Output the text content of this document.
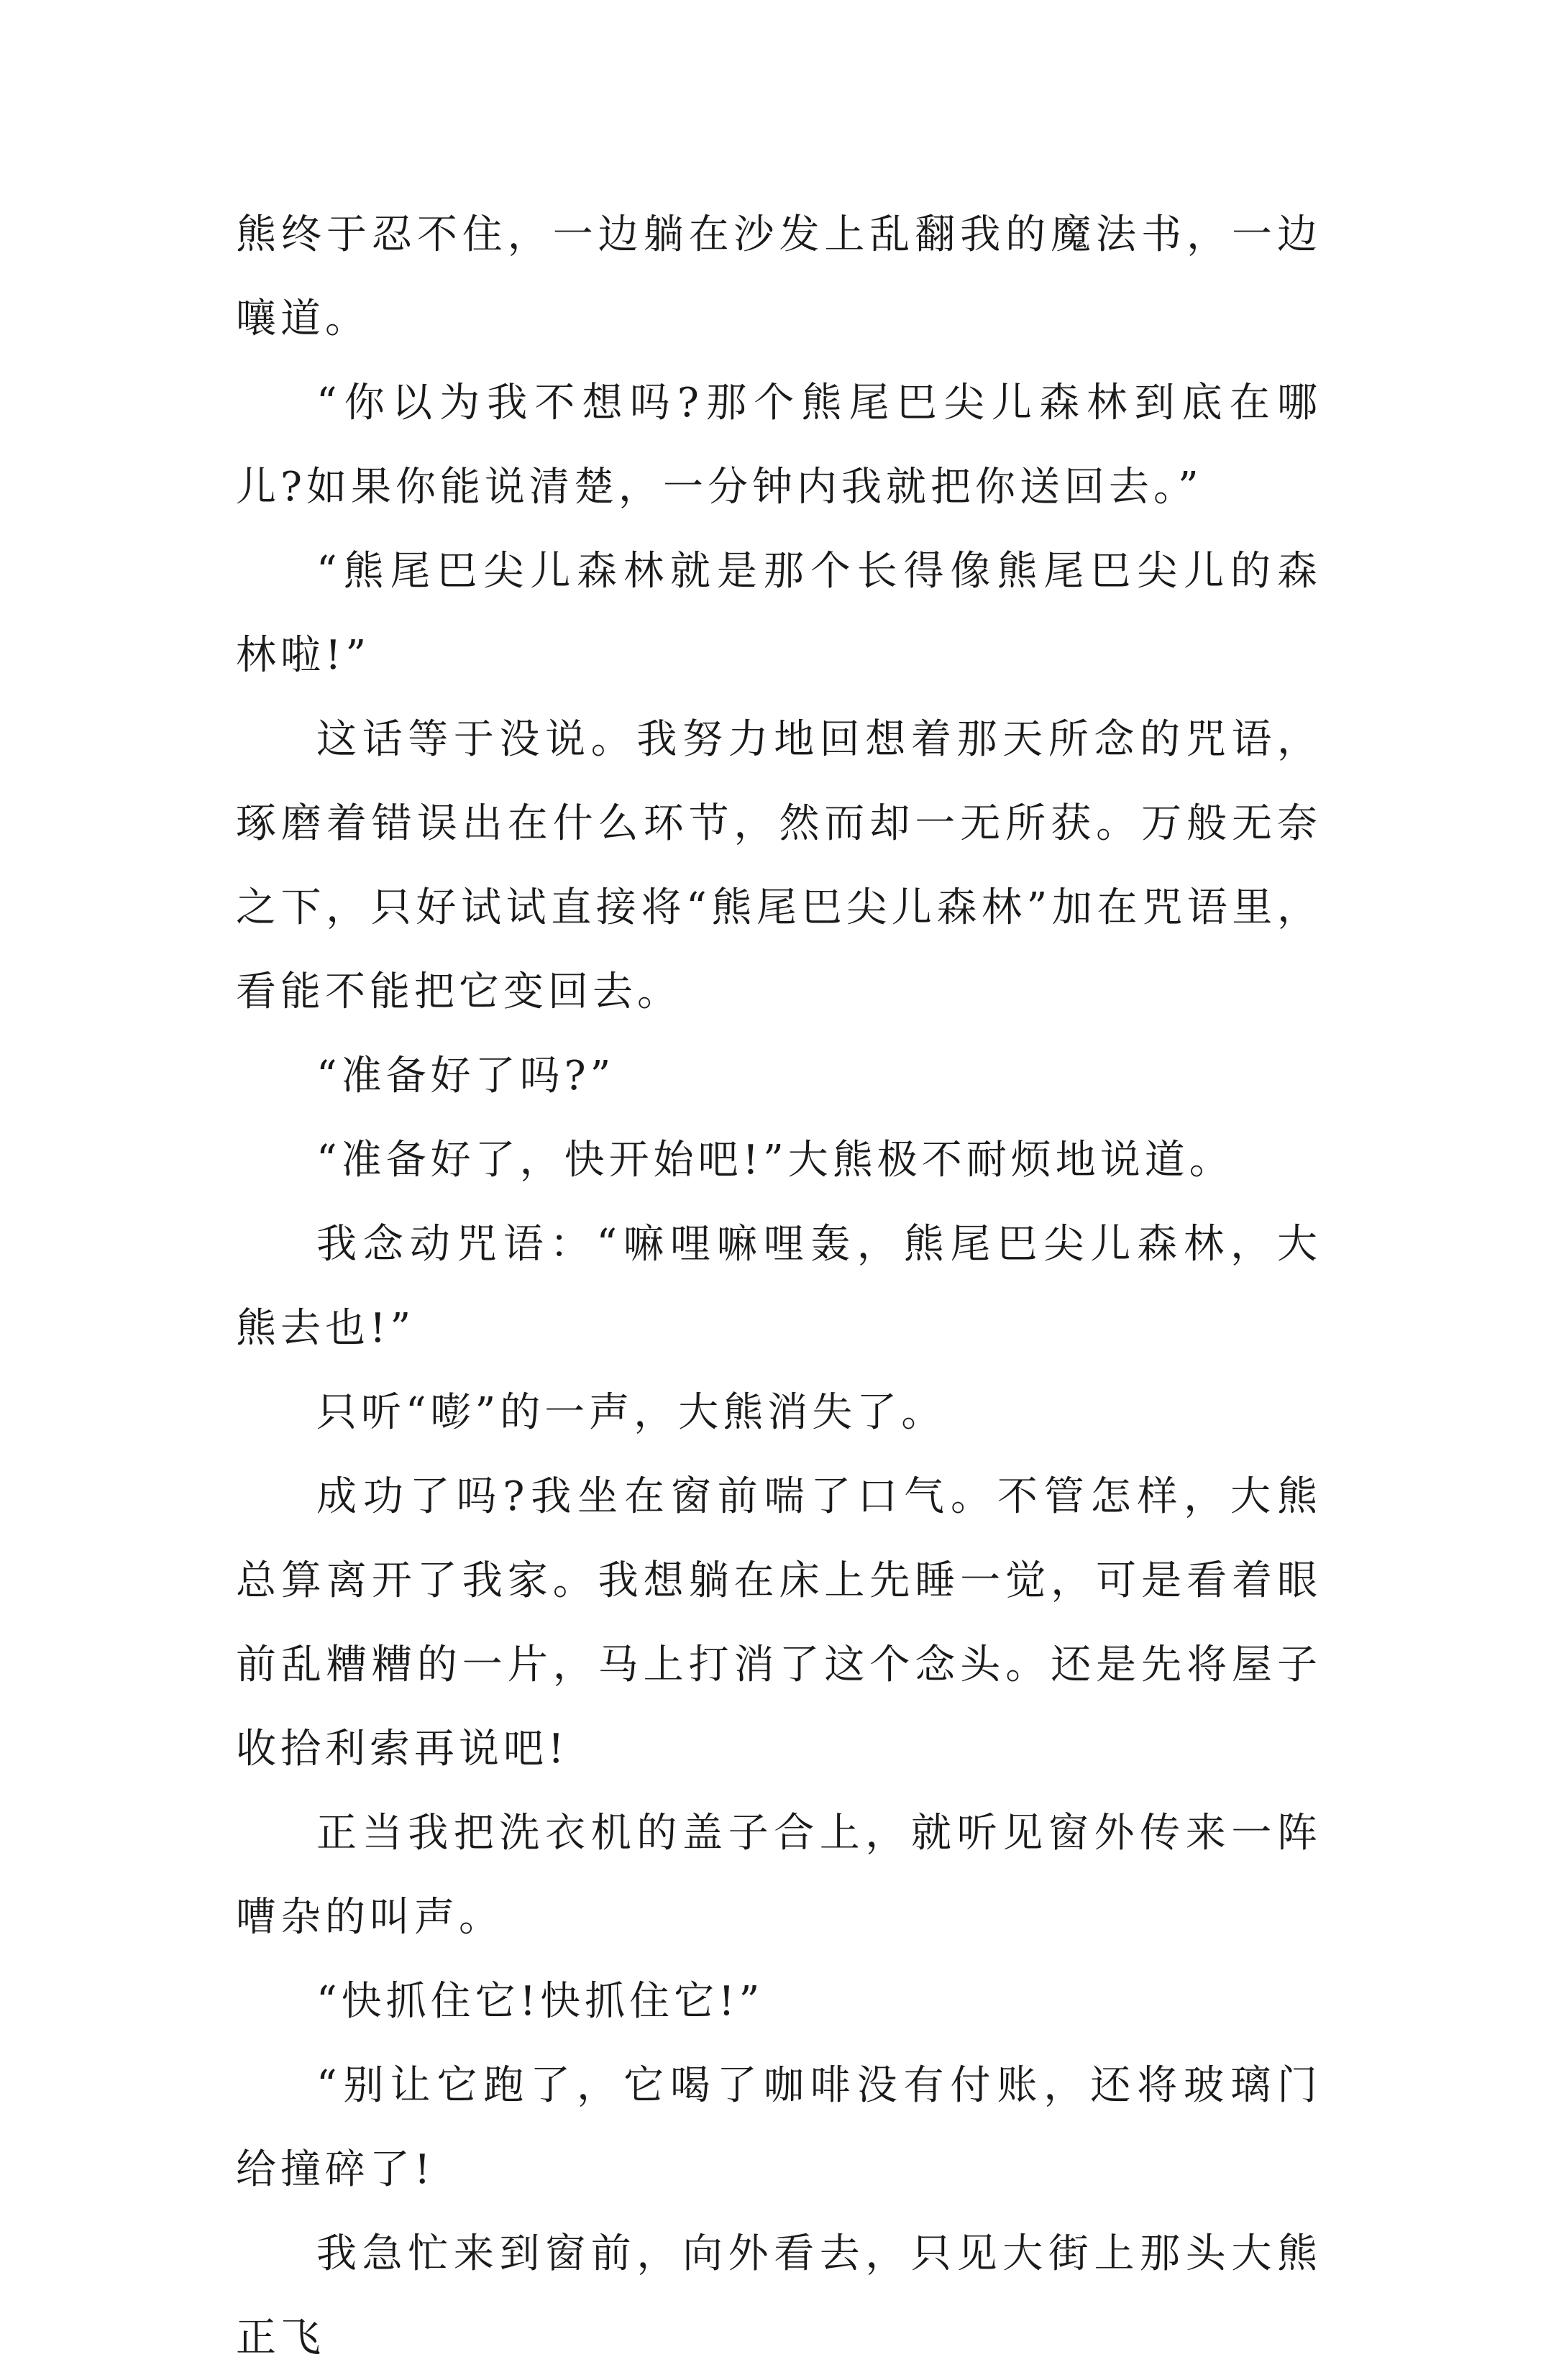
熊终于忍不住，一边躺在沙发上乱翻我的魔法书，一边嚷道。

“你以为我不想吗?那个熊尾巴尖儿森林到底在哪儿?如果你能说清楚，一分钟内我就把你送回去。”

“熊尾巴尖儿森林就是那个长得像熊尾巴尖儿的森林啦!”

这话等于没说。我努力地回想着那天所念的咒语，琢磨着错误出在什么环节，然而却一无所获。万般无奈之下，只好试试直接将“熊尾巴尖儿森林”加在咒语里，看能不能把它变回去。

“准备好了吗?”

“准备好了，快开始吧!”大熊极不耐烦地说道。

我念动咒语：“嘛哩嘛哩轰，熊尾巴尖儿森林，大熊去也!”

只听“嘭”的一声，大熊消失了。

成功了吗?我坐在窗前喘了口气。不管怎样，大熊总算离开了我家。我想躺在床上先睡一觉，可是看着眼前乱糟糟的一片，马上打消了这个念头。还是先将屋子收拾利索再说吧!

正当我把洗衣机的盖子合上，就听见窗外传来一阵嘈杂的叫声。

“快抓住它!快抓住它!”

“别让它跑了，它喝了咖啡没有付账，还将玻璃门给撞碎了!

我急忙来到窗前，向外看去，只见大街上那头大熊正飞
